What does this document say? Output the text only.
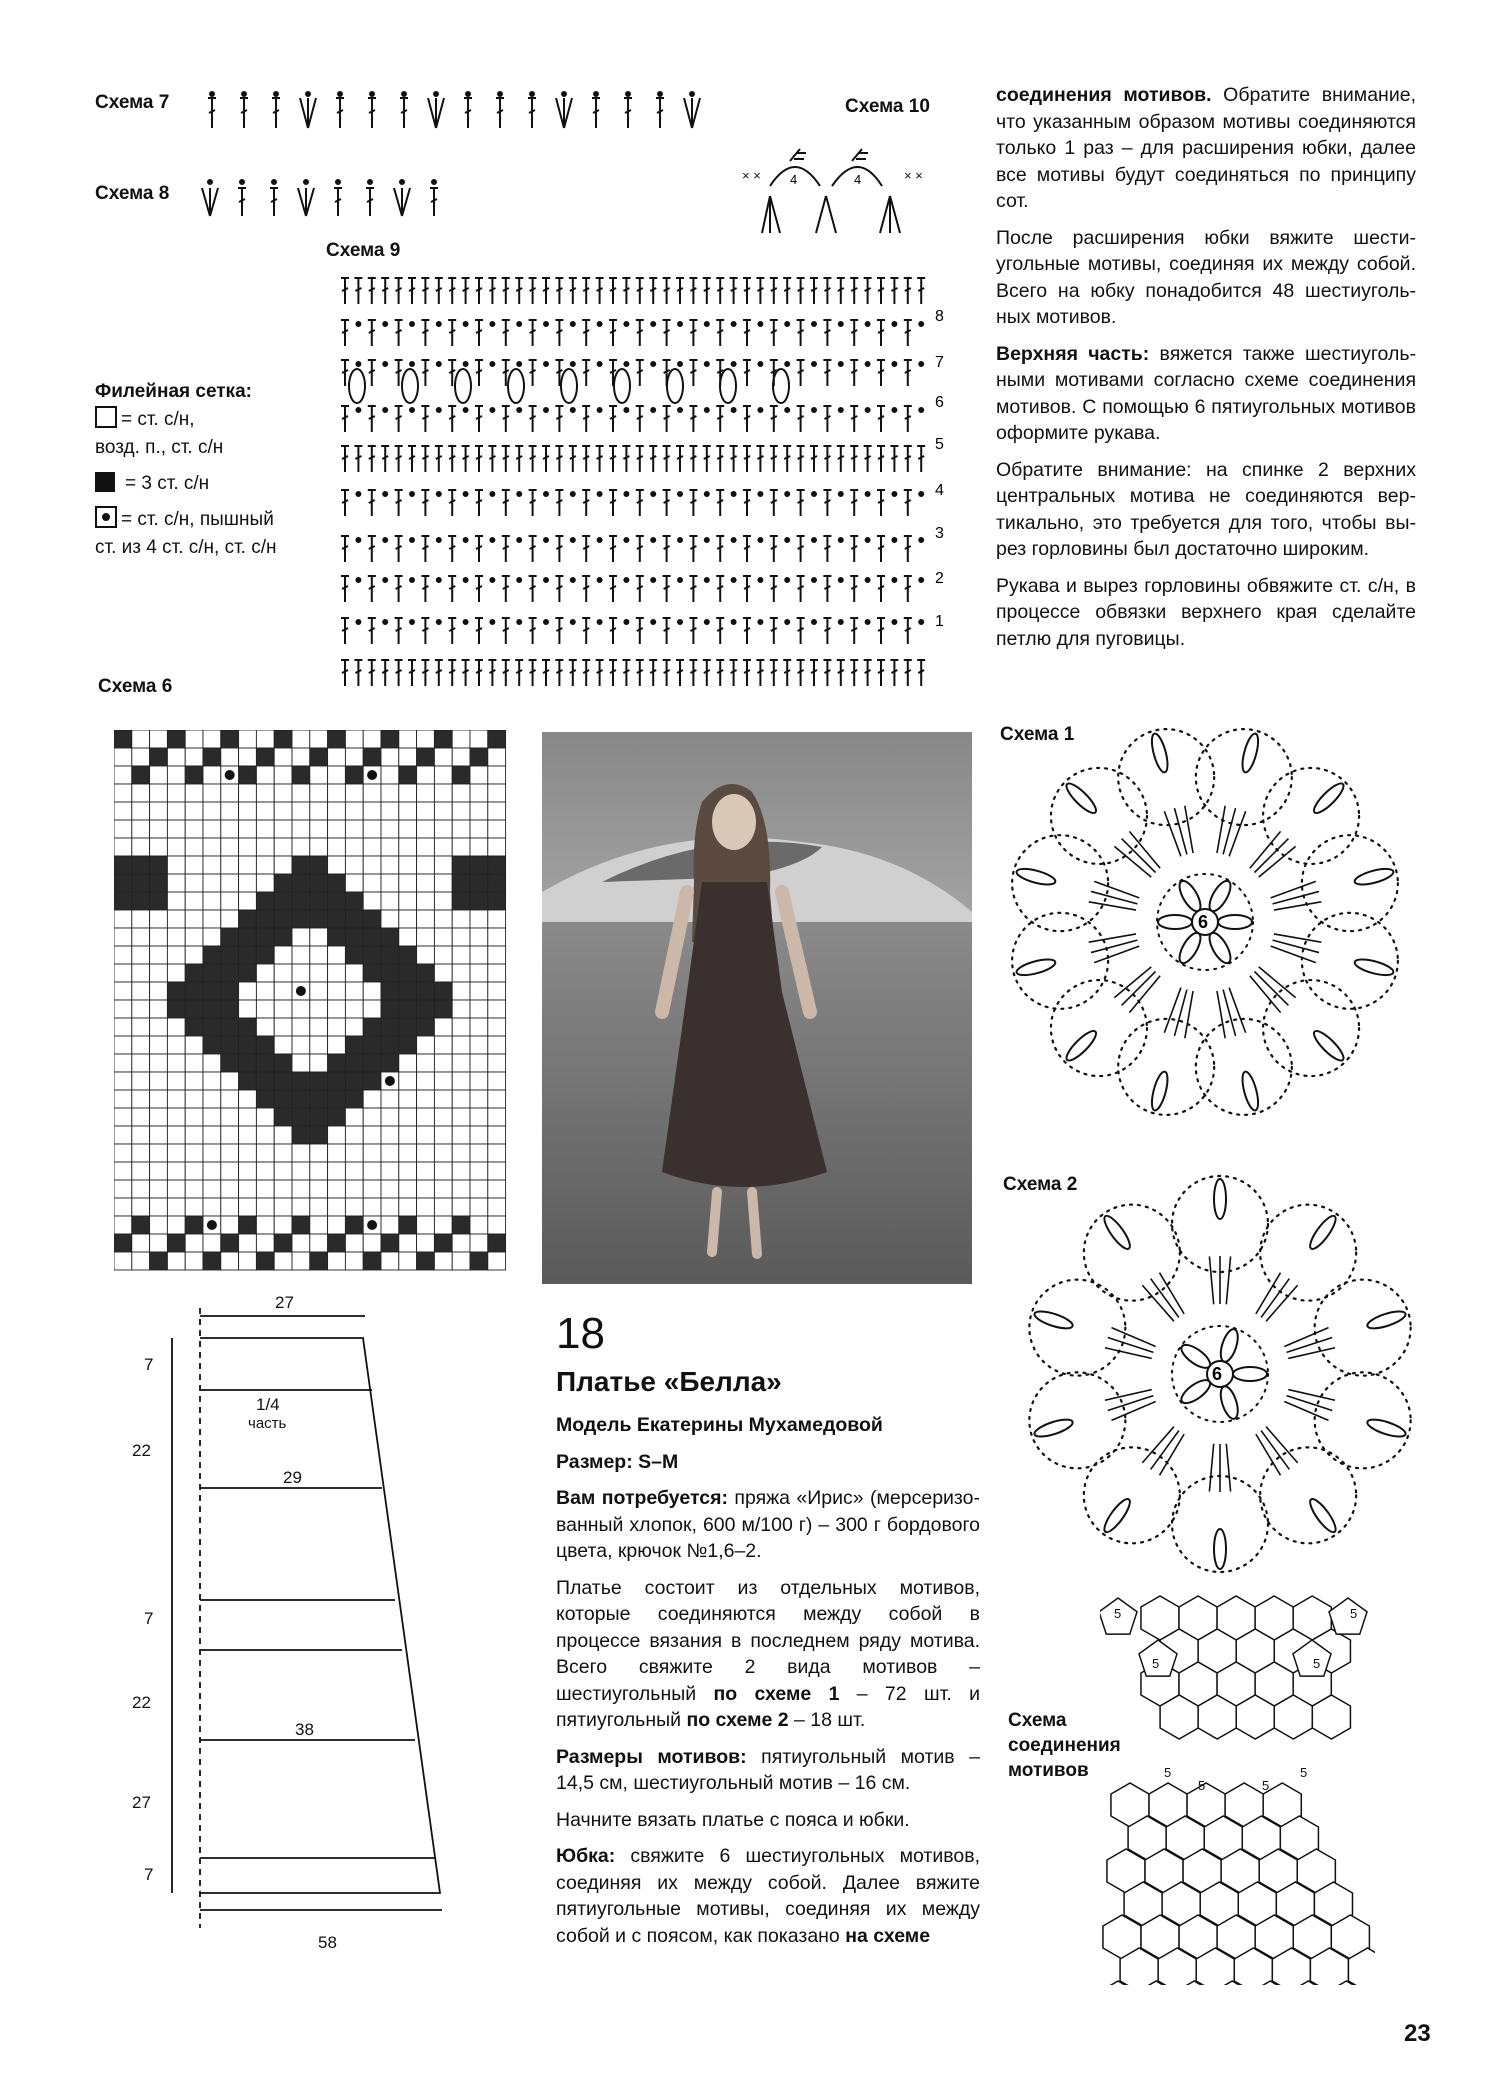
Схема 7
Схема 8
Схема 9
Схема 10
Схема 6
Схема 1
Схема 2
Схема
соединения
мотивов
4	4
× ×	× ×
8
7
6
5
4
3
2
1
Филейная сетка:
= ст. с/н,
возд. п., ст. с/н
= 3 ст. с/н
= ст. с/н, пышный
ст. из 4 ст. с/н, ст. с/н
27
29
38
58
7
22
7
22
7
27
1/4
часть
18
Платье «Белла»

Модель Екатерины Мухамедовой

Размер: S–M

Вам потребуется: пряжа «Ирис» (мерсеризованный хлопок, 600 м/100 г) – 300 г бордового цвета, крючок №1,6–2.

Платье состоит из отдельных мотивов, которые соединяются между собой в процессе вязания в последнем ряду мотива. Всего свяжите 2 вида мотивов – шестиугольный по схеме 1 – 72 шт. и пятиугольный по схеме 2 – 18 шт.

Размеры мотивов: пятиугольный мотив – 14,5 см, шестиугольный мотив – 16 см.

Начните вязать платье с пояса и юбки.

Юбка: свяжите 6 шестиугольных мотивов, соединяя их между собой. Далее вяжите пятиугольные мотивы, соединяя их между собой и с поясом, как показано на схеме

соединения мотивов. Обратите внимание, что указанным образом мотивы соединяются только 1 раз – для расширения юбки, далее все мотивы будут соединяться по принципу сот.

После расширения юбки вяжите шестиугольные мотивы, соединяя их между собой. Всего на юбку понадобится 48 шестиугольных мотивов.

Верхняя часть: вяжется также шестиугольными мотивами согласно схеме соединения мотивов. С помощью 6 пятиугольных мотивов оформите рукава.

Обратите внимание: на спинке 2 верхних центральных мотива не соединяются вертикально, это требуется для того, чтобы вырез горловины был достаточно широким.

Рукава и вырез горловины обвяжите ст. с/н, в процессе обвязки верхнего края сделайте петлю для пуговицы.

6
6
5
5
5
5
5
5	5
5
23
